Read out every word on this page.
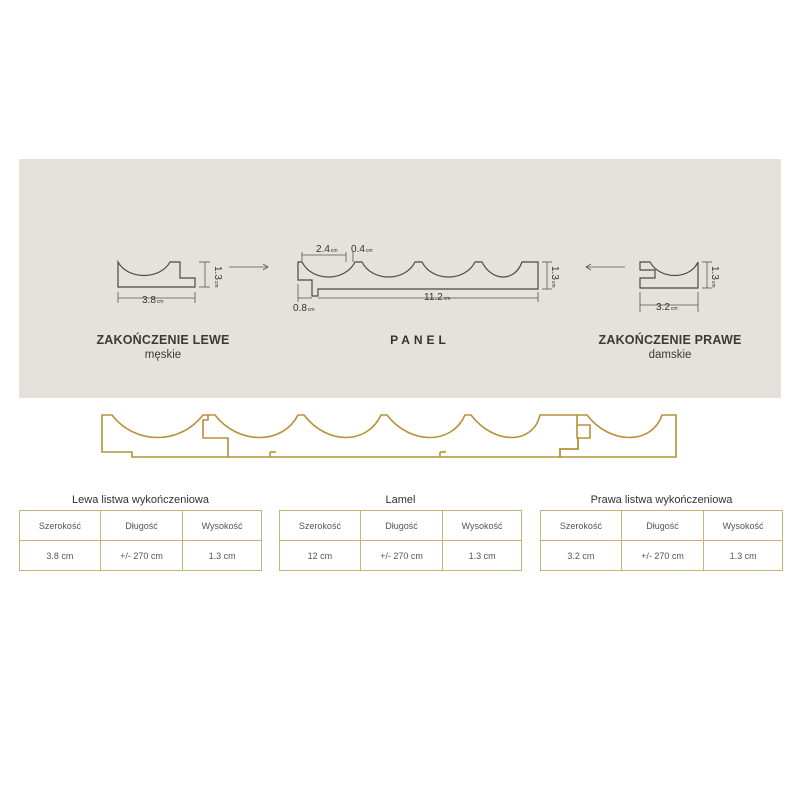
3.8cm
1.3cm
2.4cm 0.4cm
11.2cm
0.8cm
1.3cm
3.2cm
1.3cm
ZAKOŃCZENIE LEWE
męskie
PANEL	ZAKOŃCZENIE PRAWE
damskie
Lewa listwa wykończeniowa
Szerokość	Długość	Wysokość
3.8 cm	+/- 270 cm	1.3 cm
Lamel
Szerokość	Długość	Wysokość
12 cm	+/- 270 cm	1.3 cm
Prawa listwa wykończeniowa
Szerokość	Długość	Wysokość
3.2 cm	+/- 270 cm	1.3 cm
